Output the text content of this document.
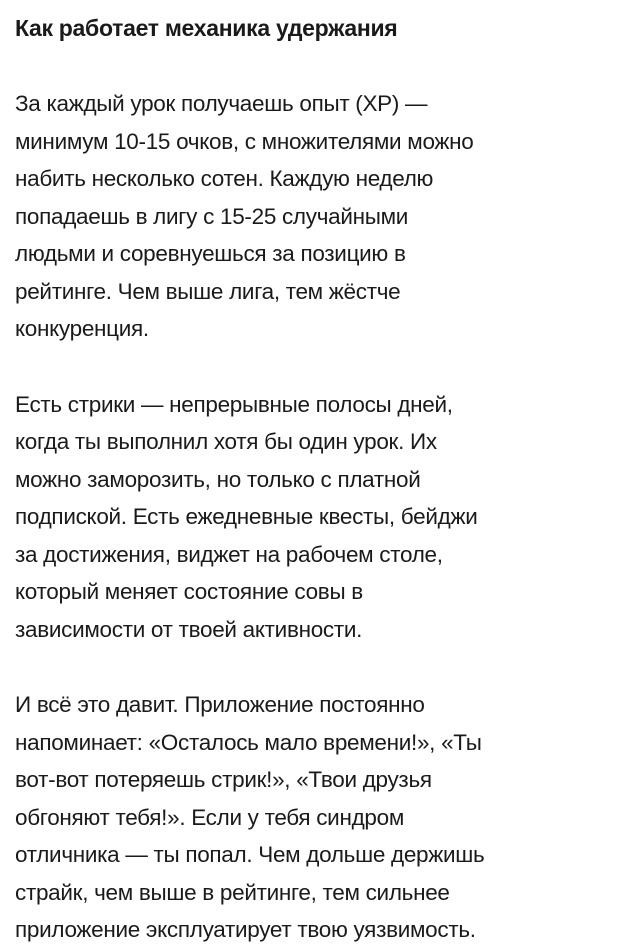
Как работает механика удержания

За каждый урок получаешь опыт (XP) —
минимум 10-15 очков, с множителями можно
набить несколько сотен. Каждую неделю
попадаешь в лигу с 15-25 случайными
людьми и соревнуешься за позицию в
рейтинге. Чем выше лига, тем жёстче
конкуренция.

Есть стрики — непрерывные полосы дней,
когда ты выполнил хотя бы один урок. Их
можно заморозить, но только с платной
подпиской. Есть ежедневные квесты, бейджи
за достижения, виджет на рабочем столе,
который меняет состояние совы в
зависимости от твоей активности.

И всё это давит. Приложение постоянно
напоминает: «Осталось мало времени!», «Ты
вот-вот потеряешь стрик!», «Твои друзья
обгоняют тебя!». Если у тебя синдром
отличника — ты попал. Чем дольше держишь
страйк, чем выше в рейтинге, тем сильнее
приложение эксплуатирует твою уязвимость.
